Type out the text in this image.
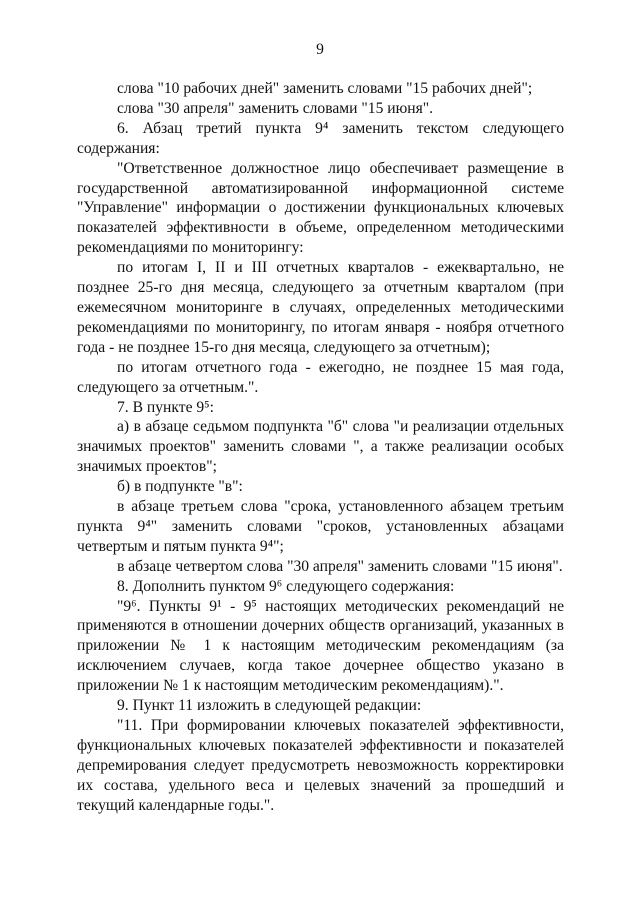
9

слова "10 рабочих дней" заменить словами "15 рабочих дней";

слова "30 апреля" заменить словами "15 июня".

6. Абзац третий пункта 9⁴ заменить текстом следующего содержания:

"Ответственное должностное лицо обеспечивает размещение в государственной автоматизированной информационной системе "Управление" информации о достижении функциональных ключевых показателей эффективности в объеме, определенном методическими рекомендациями по мониторингу:

по итогам I, II и III отчетных кварталов - ежеквартально, не позднее 25-го дня месяца, следующего за отчетным кварталом (при ежемесячном мониторинге в случаях, определенных методическими рекомендациями по мониторингу, по итогам января - ноября отчетного года - не позднее 15-го дня месяца, следующего за отчетным);

по итогам отчетного года - ежегодно, не позднее 15 мая года, следующего за отчетным.".

7. В пункте 9⁵:

а) в абзаце седьмом подпункта "б" слова "и реализации отдельных значимых проектов" заменить словами ", а также реализации особых значимых проектов";

б) в подпункте "в":

в абзаце третьем слова "срока, установленного абзацем третьим пункта 9⁴" заменить словами "сроков, установленных абзацами четвертым и пятым пункта 9⁴";

в абзаце четвертом слова "30 апреля" заменить словами "15 июня".

8. Дополнить пунктом 9⁶ следующего содержания:

"9⁶. Пункты 9¹ - 9⁵ настоящих методических рекомендаций не применяются в отношении дочерних обществ организаций, указанных в приложении № 1 к настоящим методическим рекомендациям (за исключением случаев, когда такое дочернее общество указано в приложении № 1 к настоящим методическим рекомендациям).".

9. Пункт 11 изложить в следующей редакции:

"11. При формировании ключевых показателей эффективности, функциональных ключевых показателей эффективности и показателей депремирования следует предусмотреть невозможность корректировки их состава, удельного веса и целевых значений за прошедший и текущий календарные годы.".
